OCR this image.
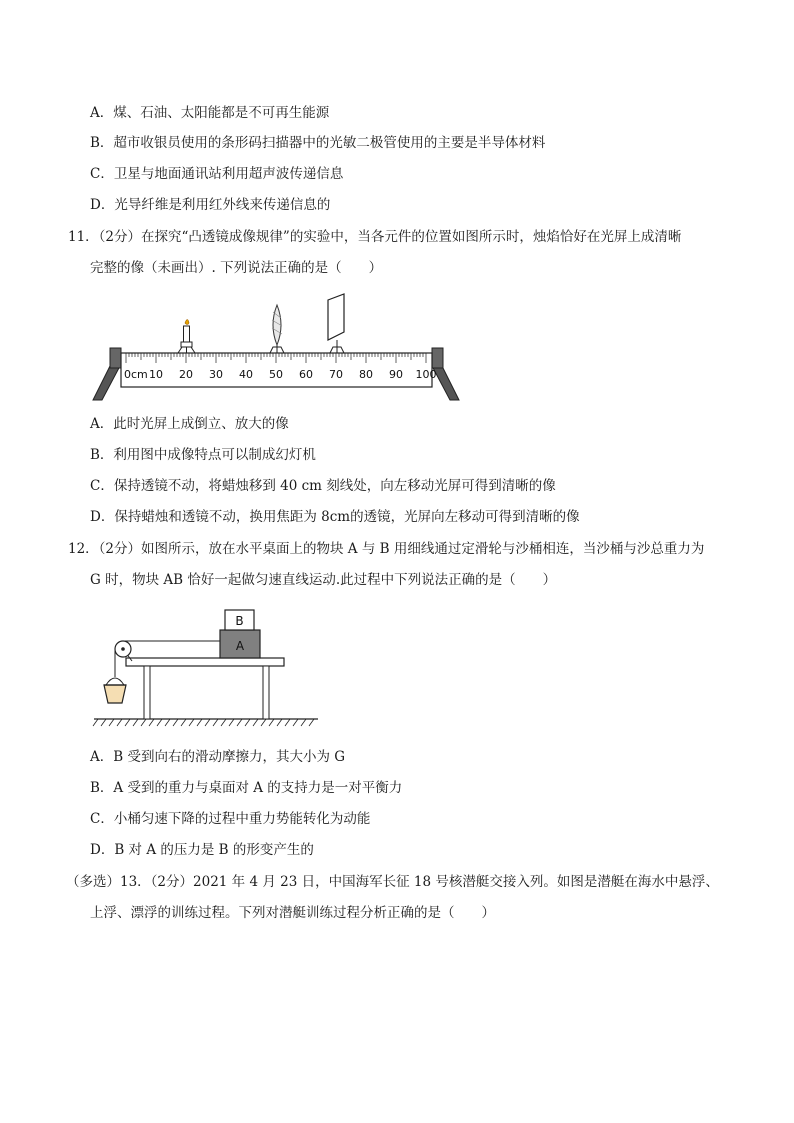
A．煤、石油、太阳能都是不可再生能源
B．超市收银员使用的条形码扫描器中的光敏二极管使用的主要是半导体材料
C．卫星与地面通讯站利用超声波传递信息
D．光导纤维是利用红外线来传递信息的
11．（2分）在探究“凸透镜成像规律”的实验中，当各元件的位置如图所示时，烛焰恰好在光屏上成清晰
完整的像（未画出）. 下列说法正确的是（　　）
0cm 10 20 30 40 50 60 70 80 90 100
A．此时光屏上成倒立、放大的像
B．利用图中成像特点可以制成幻灯机
C．保持透镜不动，将蜡烛移到 40 cm 刻线处，向左移动光屏可得到清晰的像
D．保持蜡烛和透镜不动，换用焦距为 8cm的透镜，光屏向左移动可得到清晰的像
12．（2分）如图所示，放在水平桌面上的物块 A 与 B 用细线通过定滑轮与沙桶相连，当沙桶与沙总重力为
G 时，物块 AB 恰好一起做匀速直线运动.此过程中下列说法正确的是（　　）
A
B
A．B 受到向右的滑动摩擦力，其大小为 G
B．A 受到的重力与桌面对 A 的支持力是一对平衡力
C．小桶匀速下降的过程中重力势能转化为动能
D．B 对 A 的压力是 B 的形变产生的
（多选）13．（2分）2021 年 4 月 23 日，中国海军长征 18 号核潜艇交接入列。如图是潜艇在海水中悬浮、
上浮、漂浮的训练过程。下列对潜艇训练过程分析正确的是（　　）
